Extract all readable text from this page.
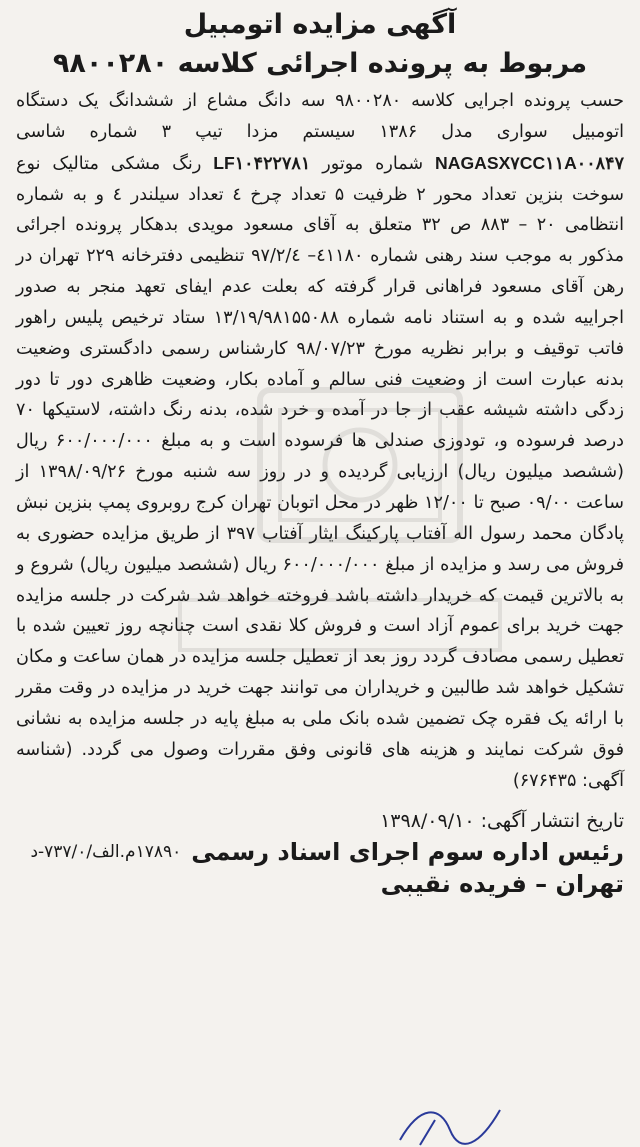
آگهی مزایده اتومبیل
مربوط به پرونده اجرائی کلاسه ۹۸۰۰۲۸۰

حسب پرونده اجرایی کلاسه ۹۸۰۰۲۸۰ سه دانگ مشاع از ششدانگ یک دستگاه اتومبیل سواری مدل ۱۳۸۶ سیستم مزدا تیپ ۳ شماره شاسی NAGASX۷CC۱۱A۰۰۸۴۷ شماره موتور LF۱۰۴۲۲۷۸۱ رنگ مشکی متالیک نوع سوخت بنزین تعداد محور ۲ ظرفیت ۵ تعداد چرخ ٤ تعداد سیلندر ٤ و به شماره انتظامی ۲۰ – ۸۸۳ ص ۳۲ متعلق به آقای مسعود مویدی بدهکار پرونده اجرائی مذکور به موجب سند رهنی شماره ٤۱۱۸۰– ۹۷/۲/٤ تنظیمی دفترخانه ۲۲۹ تهران در رهن آقای مسعود فراهانی قرار گرفته که بعلت عدم ایفای تعهد منجر به صدور اجراییه شده و به استناد نامه شماره ۱۳/۱۹/۹۸۱۵۵۰۸۸ ستاد ترخیص پلیس راهور فاتب توقیف و برابر نظریه مورخ ۹۸/۰۷/۲۳ کارشناس رسمی دادگستری وضعیت بدنه عبارت است از وضعیت فنی سالم و آماده بکار، وضعیت ظاهری دور تا دور زدگی داشته شیشه عقب از جا در آمده و خرد شده، بدنه رنگ داشته، لاستیکها ۷۰ درصد فرسوده و، تودوزی صندلی ها فرسوده است و به مبلغ ۶۰۰/۰۰۰/۰۰۰ ریال (ششصد میلیون ریال) ارزیابی گردیده و در روز سه شنبه مورخ ۱۳۹۸/۰۹/۲۶ از ساعت ۰۹/۰۰ صبح تا ۱۲/۰۰ ظهر در محل اتوبان تهران کرج روبروی پمپ بنزین نبش پادگان محمد رسول اله آفتاب پارکینگ ایثار آفتاب ۳۹۷ از طریق مزایده حضوری به فروش می رسد و مزایده از مبلغ ۶۰۰/۰۰۰/۰۰۰ ریال (ششصد میلیون ریال) شروع و به بالاترین قیمت که خریدار داشته باشد فروخته خواهد شد شرکت در جلسه مزایده جهت خرید برای عموم آزاد است و فروش کلا نقدی است چنانچه روز تعیین شده با تعطیل رسمی مصادف گردد روز بعد از تعطیل جلسه مزایده در همان ساعت و مکان تشکیل خواهد شد طالبین و خریداران می توانند جهت خرید در مزایده در وقت مقرر با ارائه یک فقره چک تضمین شده بانک ملی به مبلغ پایه در جلسه مزایده به نشانی فوق شرکت نمایند و هزینه های قانونی وفق مقررات وصول می گردد. (شناسه آگهی: ۶۷۶۴۳۵)

تاریخ انتشار آگهی: ۱۳۹۸/۰۹/۱۰
رئیس اداره سوم اجرای اسناد رسمی
۱۷۸۹۰م.الف/۷۳۷/۰-د
تهران – فریده نقیبی
